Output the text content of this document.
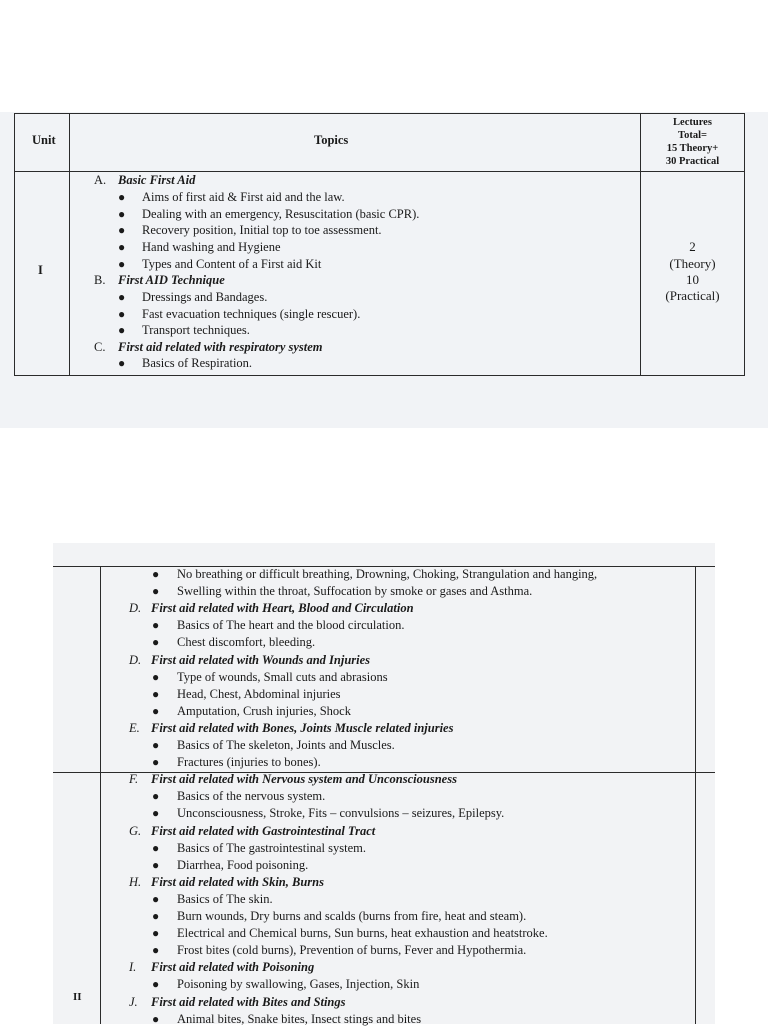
Unit	Topics
Lectures
Total=
15 Theory+
30 Practical
I
2
(Theory)
10
(Practical)
A. Basic First Aid
● Aims of first aid & First aid and the law.
● Dealing with an emergency, Resuscitation (basic CPR).
● Recovery position, Initial top to toe assessment.
● Hand washing and Hygiene
● Types and Content of a First aid Kit
B. First AID Technique
● Dressings and Bandages.
● Fast evacuation techniques (single rescuer).
● Transport techniques.
C. First aid related with respiratory system
● Basics of Respiration.
II
● No breathing or difficult breathing, Drowning, Choking, Strangulation and hanging,
● Swelling within the throat, Suffocation by smoke or gases and Asthma.
D. First aid related with Heart, Blood and Circulation
● Basics of The heart and the blood circulation.
● Chest discomfort, bleeding.
D. First aid related with Wounds and Injuries
● Type of wounds, Small cuts and abrasions
● Head, Chest, Abdominal injuries
● Amputation, Crush injuries, Shock
E. First aid related with Bones, Joints Muscle related injuries
● Basics of The skeleton, Joints and Muscles.
● Fractures (injuries to bones).
F. First aid related with Nervous system and Unconsciousness
● Basics of the nervous system.
● Unconsciousness, Stroke, Fits – convulsions – seizures, Epilepsy.
G. First aid related with Gastrointestinal Tract
● Basics of The gastrointestinal system.
● Diarrhea, Food poisoning.
H. First aid related with Skin, Burns
● Basics of The skin.
● Burn wounds, Dry burns and scalds (burns from fire, heat and steam).
● Electrical and Chemical burns, Sun burns, heat exhaustion and heatstroke.
● Frost bites (cold burns), Prevention of burns, Fever and Hypothermia.
I. First aid related with Poisoning
● Poisoning by swallowing, Gases, Injection, Skin
J. First aid related with Bites and Stings
● Animal bites, Snake bites, Insect stings and bites
